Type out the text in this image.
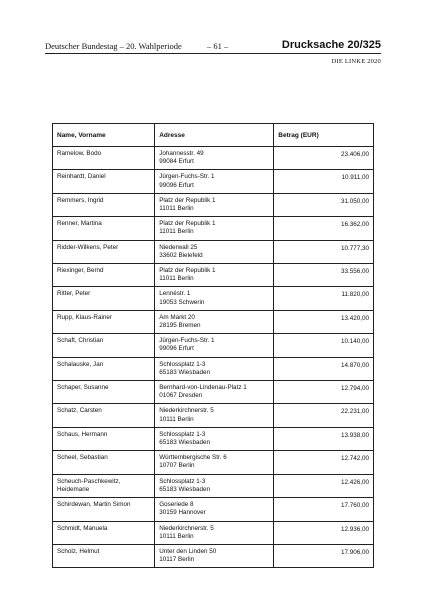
Deutscher Bundestag – 20. Wahlperiode	– 61 –	Drucksache 20/325
DIE LINKE 2020
Name, Vorname	Adresse	Betrag (EUR)
Ramelow, Bodo	Johannesstr. 49
99084 Erfurt	23.406,00
Reinhardt, Daniel	Jürgen-Fuchs-Str. 1
99096 Erfurt	10.911,00
Remmers, Ingrid	Platz der Republik 1
11011 Berlin	31.050,00
Renner, Martina	Platz der Republik 1
11011 Berlin	16.362,00
Ridder-Wilkens, Peter	Niederwall 25
33602 Bielefeld	10.777,30
Riexinger, Bernd	Platz der Republik 1
11011 Berlin	33.556,00
Ritter, Peter	Lennéstr. 1
19053 Schwerin	11.820,00
Rupp, Klaus-Rainer	Am Markt 20
28195 Bremen	13.420,00
Schaft, Christian	Jürgen-Fuchs-Str. 1
99096 Erfurt	10.140,00
Schalauske, Jan	Schlossplatz 1-3
65183 Wiesbaden	14.870,00
Schaper, Susanne	Bernhard-von-Lindenau-Platz 1
01067 Dresden	12.794,00
Schatz, Carsten	Niederkirchnerstr. 5
10111 Berlin	22.231,00
Schaus, Hermann	Schlossplatz 1-3
65183 Wiesbaden	13.938,00
Scheel, Sebastian	Württembergische Str. 6
10707 Berlin	12.742,00
Scheuch-Paschkewitz, Heidemarie	Schlossplatz 1-3
65183 Wiesbaden	12.426,00
Schirdewan, Martin Simon	Goseriede 8
30159 Hannover	17.760,00
Schmidt, Manuela	Niederkirchnerstr. 5
10111 Berlin	12.936,00
Scholz, Helmut	Unter den Linden 50
10117 Berlin	17.906,00
